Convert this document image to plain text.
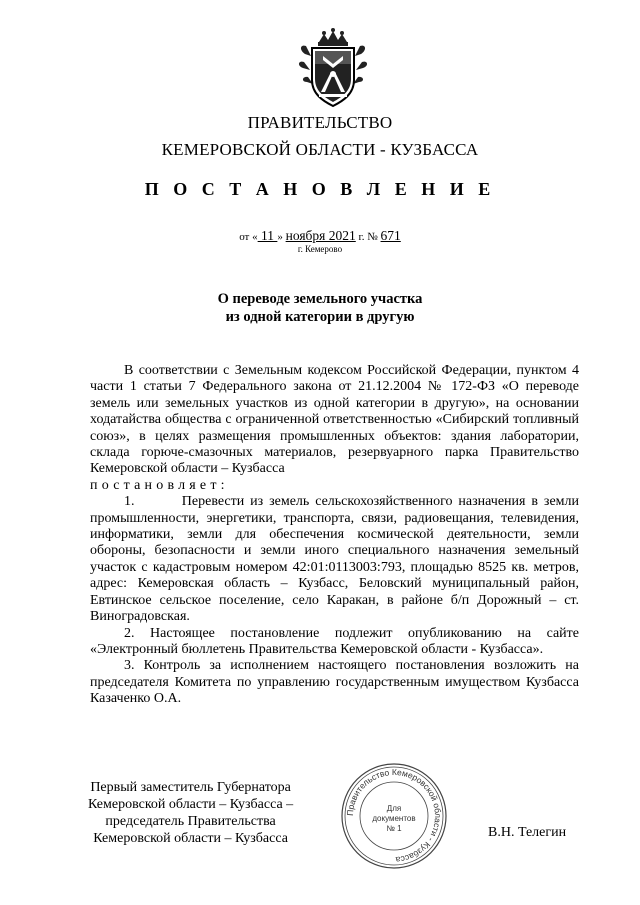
ПРАВИТЕЛЬСТВО
КЕМЕРОВСКОЙ ОБЛАСТИ - КУЗБАССА
П О С Т А Н О В Л Е Н И Е
от « 11 » ноября 2021 г. № 671
г. Кемерово
О переводе земельного участка
из одной категории в другую

В соответствии с Земельным кодексом Российской Федерации, пунктом 4 части 1 статьи 7 Федерального закона от 21.12.2004 № 172-ФЗ «О переводе земель или земельных участков из одной категории в другую», на основании ходатайства общества с ограниченной ответственностью «Сибирский топливный союз», в целях размещения промышленных объектов: здания лаборатории, склада горюче-смазочных материалов, резервуарного парка Правительство Кемеровской области – Кузбасса

постановляет:

1.        Перевести из земель сельскохозяйственного назначения в земли промышленности, энергетики, транспорта, связи, радиовещания, телевидения, информатики, земли для обеспечения космической деятельности, земли обороны, безопасности и земли иного специального назначения земельный участок с кадастровым номером 42:01:0113003:793, площадью 8525 кв. метров, адрес: Кемеровская область – Кузбасс, Беловский муниципальный район, Евтинское сельское поселение, село Каракан, в районе б/п Дорожный – ст. Виноградовская.

2. Настоящее постановление подлежит опубликованию на сайте «Электронный бюллетень Правительства Кемеровской области - Кузбасса».

3. Контроль за исполнением настоящего постановления возложить на председателя Комитета по управлению государственным имуществом Кузбасса Казаченко О.А.

Первый заместитель Губернатора
Кемеровской области – Кузбасса –
председатель Правительства
Кемеровской области – Кузбасса
Правительство Кемеровской области - Кузбасса
Для
документов
№ 1	В.Н. Телегин
